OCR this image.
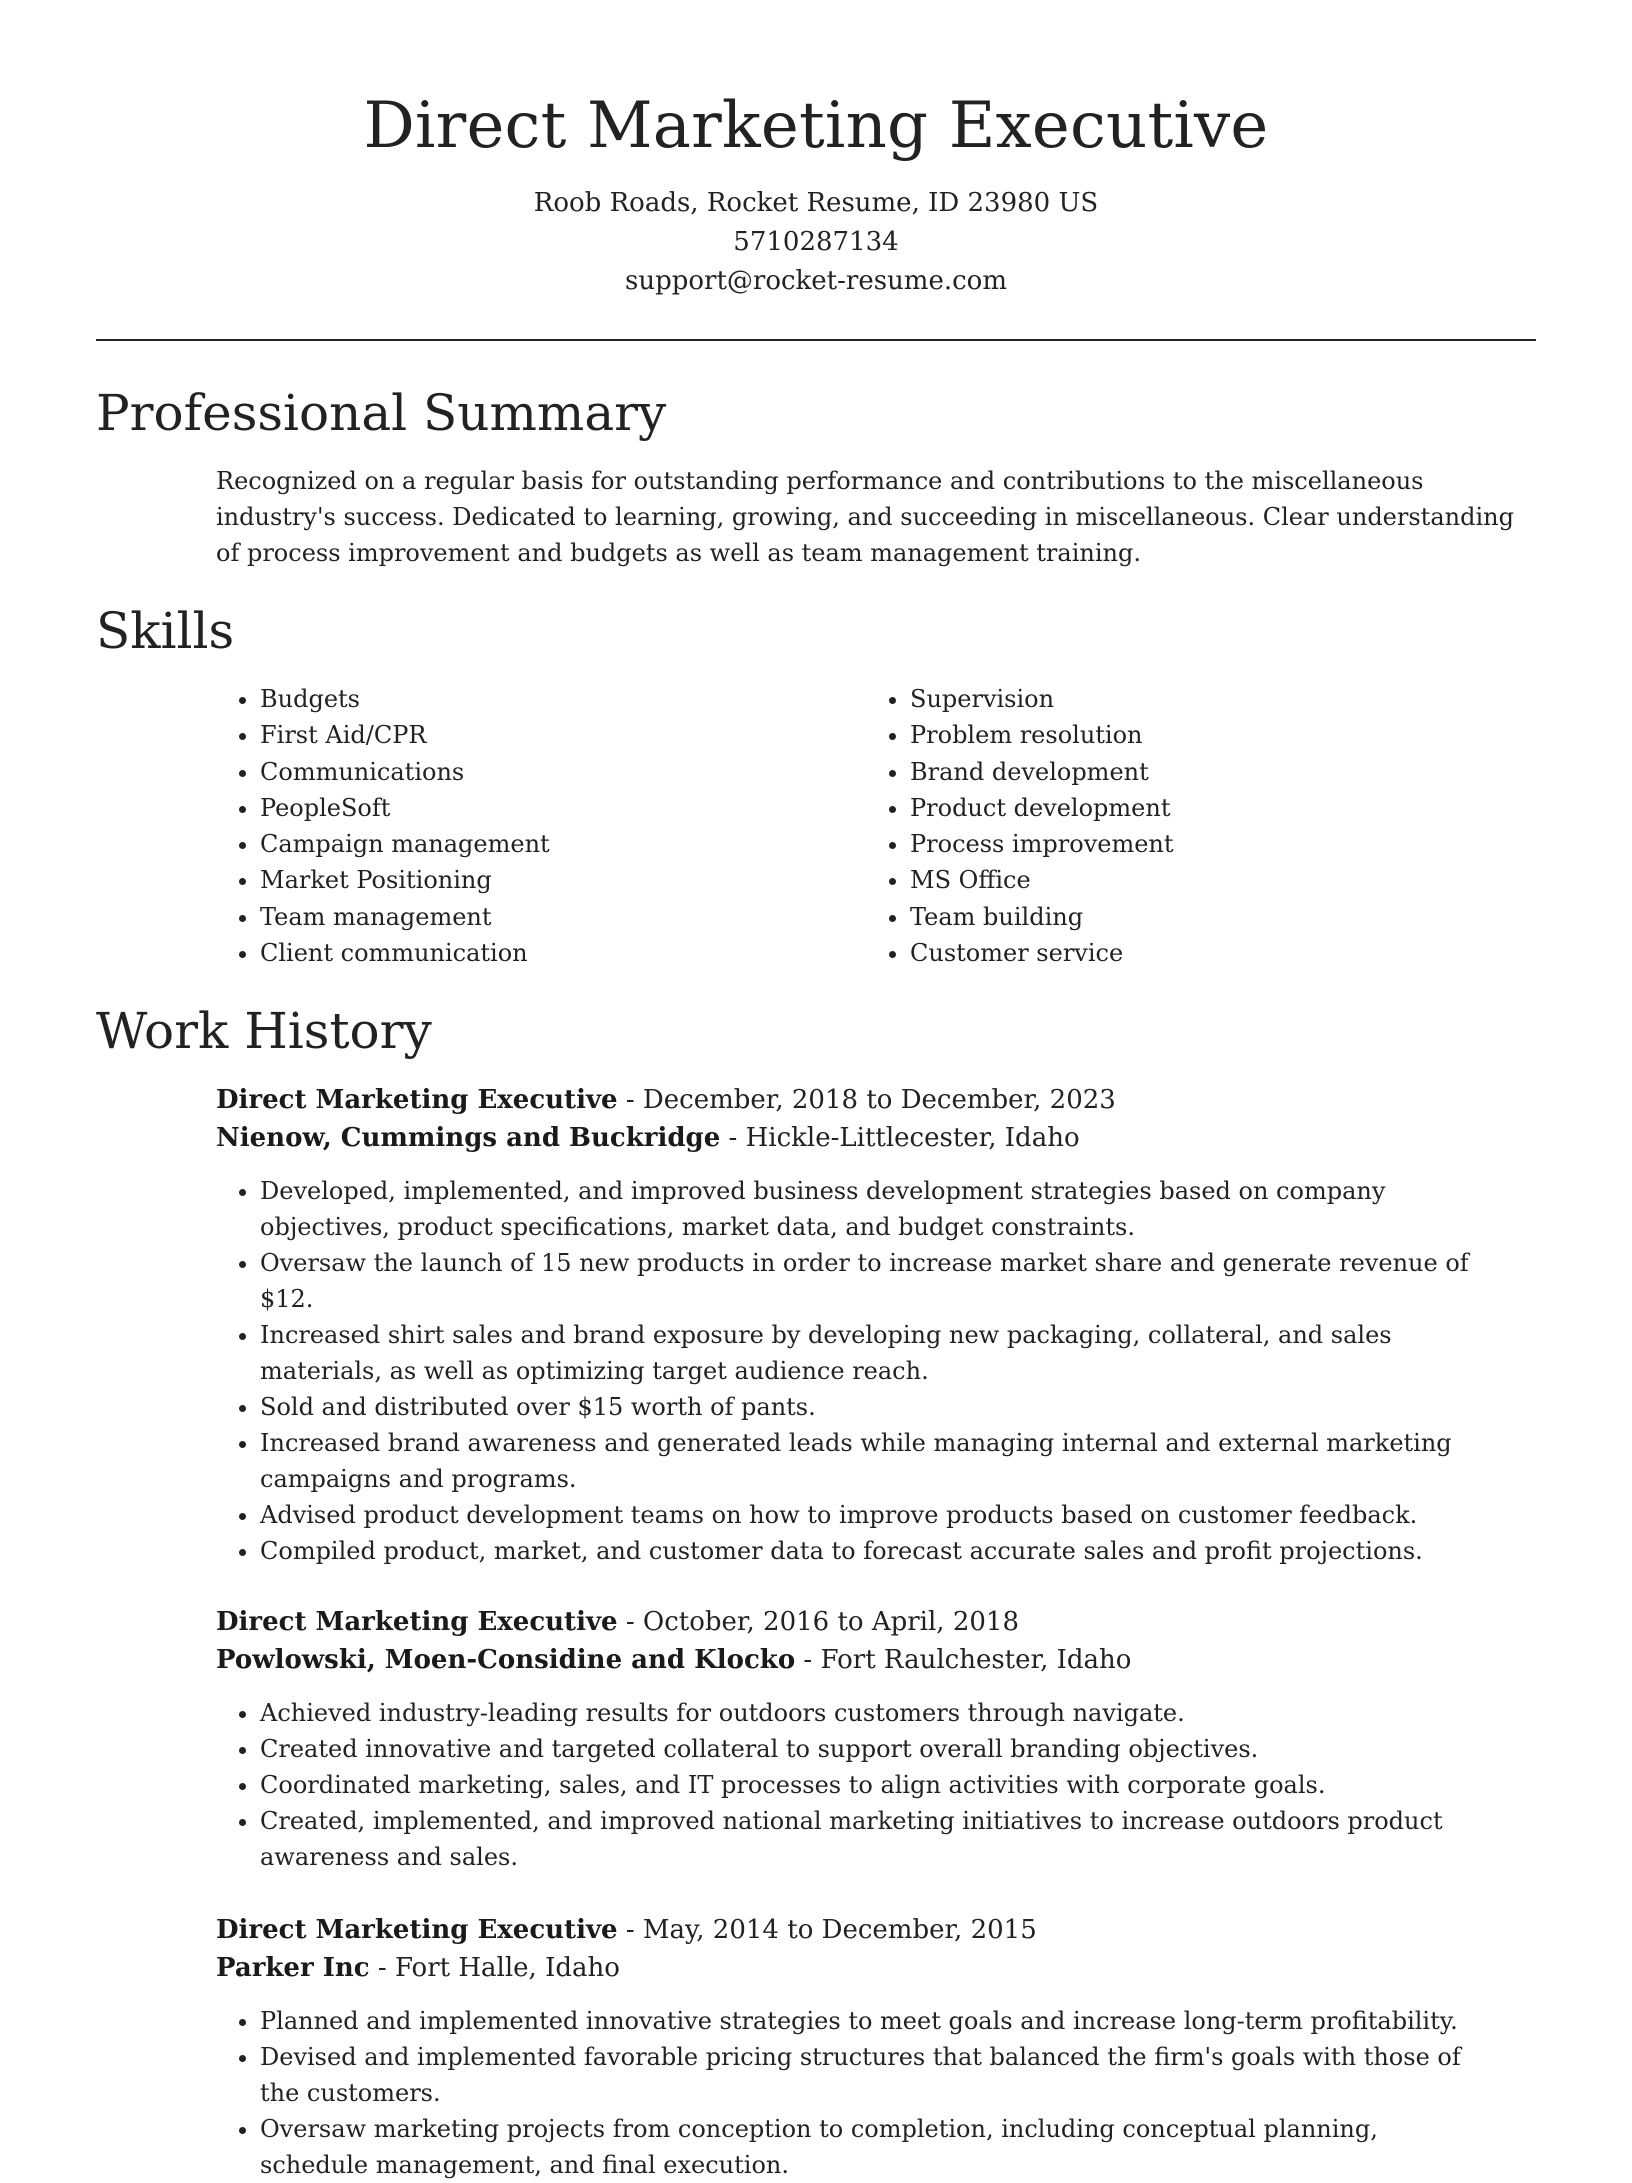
Direct Marketing Executive
Roob Roads, Rocket Resume, ID 23980 US
5710287134
support@rocket-resume.com
Professional Summary

Recognized on a regular basis for outstanding performance and contributions to the miscellaneous industry's success. Dedicated to learning, growing, and succeeding in miscellaneous. Clear understanding of process improvement and budgets as well as team management training.

Skills
• Budgets
• First Aid/CPR
• Communications
• PeopleSoft
• Campaign management
• Market Positioning
• Team management
• Client communication
• Supervision
• Problem resolution
• Brand development
• Product development
• Process improvement
• MS Office
• Team building
• Customer service
Work History
Direct Marketing Executive - December, 2018 to December, 2023
Nienow, Cummings and Buckridge - Hickle-Littlecester, Idaho
• Developed, implemented, and improved business development strategies based on company objectives, product specifications, market data, and budget constraints.
• Oversaw the launch of 15 new products in order to increase market share and generate revenue of $12.
• Increased shirt sales and brand exposure by developing new packaging, collateral, and sales materials, as well as optimizing target audience reach.
• Sold and distributed over $15 worth of pants.
• Increased brand awareness and generated leads while managing internal and external marketing campaigns and programs.
• Advised product development teams on how to improve products based on customer feedback.
• Compiled product, market, and customer data to forecast accurate sales and profit projections.
Direct Marketing Executive - October, 2016 to April, 2018
Powlowski, Moen-Considine and Klocko - Fort Raulchester, Idaho
• Achieved industry-leading results for outdoors customers through navigate.
• Created innovative and targeted collateral to support overall branding objectives.
• Coordinated marketing, sales, and IT processes to align activities with corporate goals.
• Created, implemented, and improved national marketing initiatives to increase outdoors product awareness and sales.
Direct Marketing Executive - May, 2014 to December, 2015
Parker Inc - Fort Halle, Idaho
• Planned and implemented innovative strategies to meet goals and increase long-term profitability.
• Devised and implemented favorable pricing structures that balanced the firm's goals with those of the customers.
• Oversaw marketing projects from conception to completion, including conceptual planning, schedule management, and final execution.
